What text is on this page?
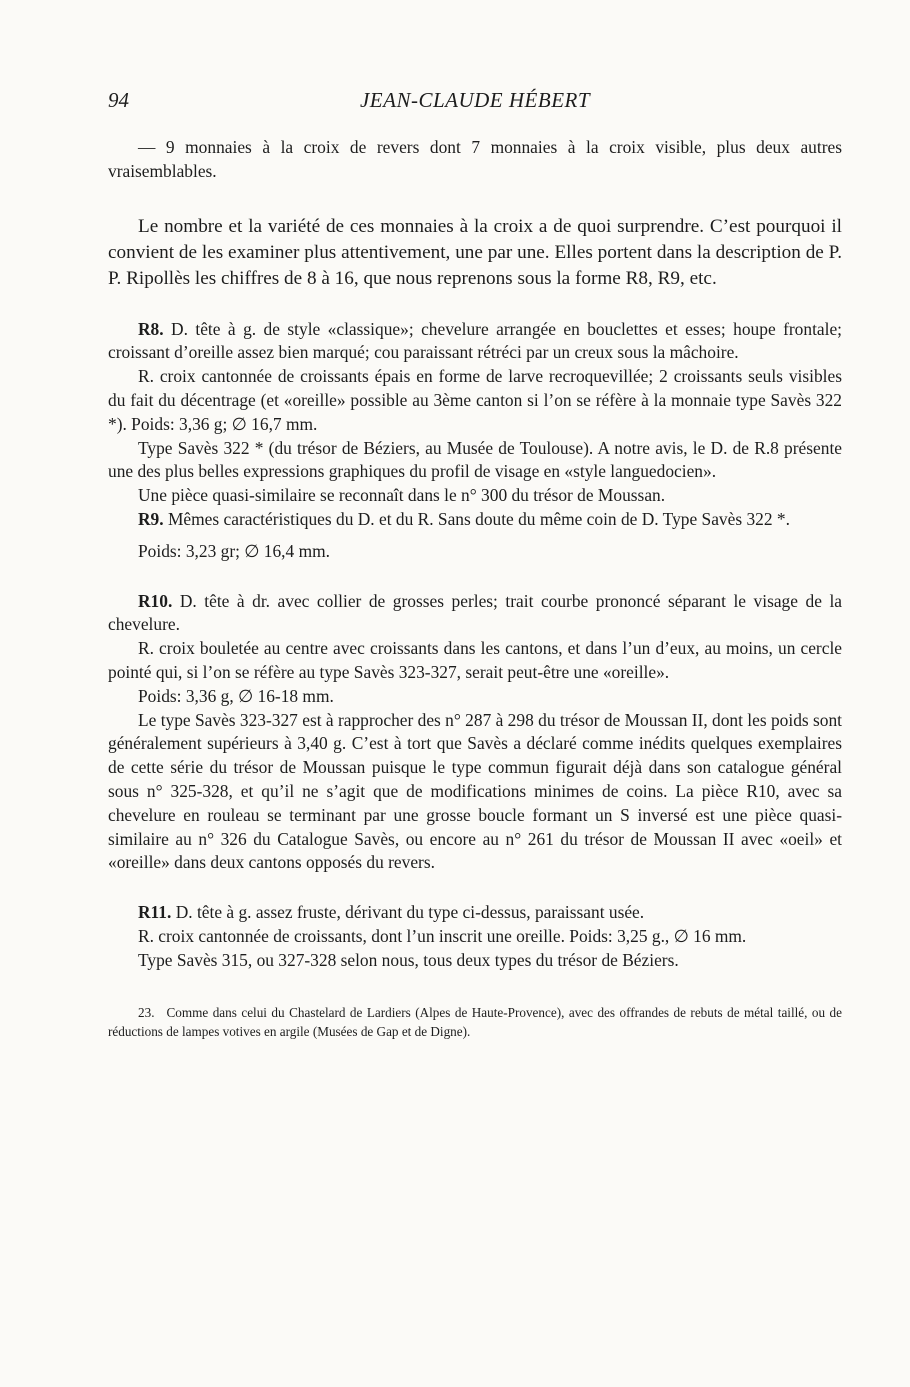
94	JEAN-CLAUDE HÉBERT

— 9 monnaies à la croix de revers dont 7 monnaies à la croix visible, plus deux autres vraisemblables.

Le nombre et la variété de ces monnaies à la croix a de quoi surprendre. C’est pourquoi il convient de les examiner plus attentivement, une par une. Elles portent dans la description de P. P. Ripollès les chiffres de 8 à 16, que nous reprenons sous la forme R8, R9, etc.

R8. D. tête à g. de style «classique»; chevelure arrangée en bouclettes et esses; houpe frontale; croissant d’oreille assez bien marqué; cou paraissant rétréci par un creux sous la mâchoire.

R. croix cantonnée de croissants épais en forme de larve recroquevillée; 2 croissants seuls visibles du fait du décentrage (et «oreille» possible au 3ème canton si l’on se réfère à la monnaie type Savès 322 *). Poids: 3,36 g; ∅ 16,7 mm.

Type Savès 322 * (du trésor de Béziers, au Musée de Toulouse). A notre avis, le D. de R.8 présente une des plus belles expressions graphiques du profil de visage en «style languedocien».

Une pièce quasi-similaire se reconnaît dans le n° 300 du trésor de Moussan.

R9. Mêmes caractéristiques du D. et du R. Sans doute du même coin de D. Type Savès 322 *.

Poids: 3,23 gr; ∅ 16,4 mm.

R10. D. tête à dr. avec collier de grosses perles; trait courbe prononcé séparant le visage de la chevelure.

R. croix bouletée au centre avec croissants dans les cantons, et dans l’un d’eux, au moins, un cercle pointé qui, si l’on se réfère au type Savès 323-327, serait peut-être une «oreille».

Poids: 3,36 g, ∅ 16-18 mm.

Le type Savès 323-327 est à rapprocher des n° 287 à 298 du trésor de Moussan II, dont les poids sont généralement supérieurs à 3,40 g. C’est à tort que Savès a déclaré comme inédits quelques exemplaires de cette série du trésor de Moussan puisque le type commun figurait déjà dans son catalogue général sous n° 325-328, et qu’il ne s’agit que de modifications minimes de coins. La pièce R10, avec sa chevelure en rouleau se terminant par une grosse boucle formant un S inversé est une pièce quasi-similaire au n° 326 du Catalogue Savès, ou encore au n° 261 du trésor de Moussan II avec «oeil» et «oreille» dans deux cantons opposés du revers.

R11. D. tête à g. assez fruste, dérivant du type ci-dessus, paraissant usée.

R. croix cantonnée de croissants, dont l’un inscrit une oreille. Poids: 3,25 g., ∅ 16 mm.

Type Savès 315, ou 327-328 selon nous, tous deux types du trésor de Béziers.

23. Comme dans celui du Chastelard de Lardiers (Alpes de Haute-Provence), avec des offrandes de rebuts de métal taillé, ou de réductions de lampes votives en argile (Musées de Gap et de Digne).
